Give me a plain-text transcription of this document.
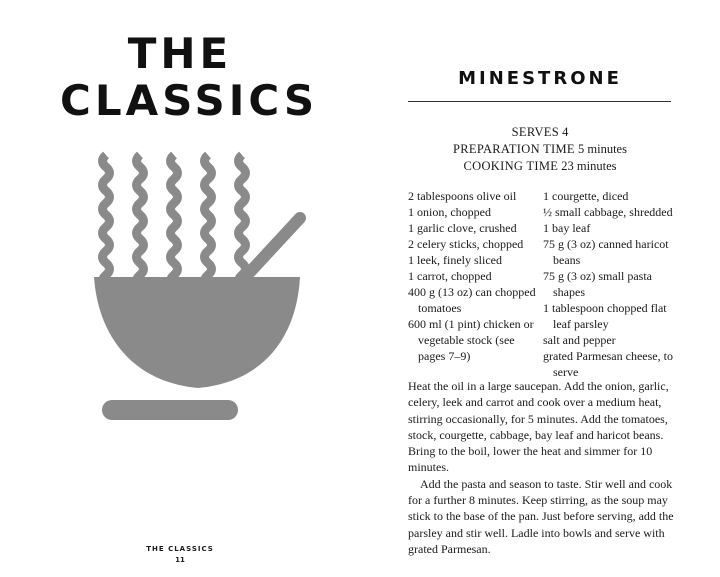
THE
CLASSICS
THE CLASSICS
11
MINESTRONE
SERVES 4
PREPARATION TIME 5 minutes
COOKING TIME 23 minutes
2 tablespoons olive oil
1 onion, chopped
1 garlic clove, crushed
2 celery sticks, chopped
1 leek, finely sliced
1 carrot, chopped
400 g (13 oz) can chopped tomatoes
600 ml (1 pint) chicken or vegetable stock (see pages 7–9)
1 courgette, diced
½ small cabbage, shredded
1 bay leaf
75 g (3 oz) canned haricot beans
75 g (3 oz) small pasta shapes
1 tablespoon chopped flat leaf parsley
salt and pepper
grated Parmesan cheese, to serve

Heat the oil in a large saucepan. Add the onion, garlic, celery, leek and carrot and cook over a medium heat, stirring occasionally, for 5 minutes. Add the tomatoes, stock, courgette, cabbage, bay leaf and haricot beans. Bring to the boil, lower the heat and simmer for 10 minutes.

Add the pasta and season to taste. Stir well and cook for a further 8 minutes. Keep stirring, as the soup may stick to the base of the pan. Just before serving, add the parsley and stir well. Ladle into bowls and serve with grated Parmesan.
